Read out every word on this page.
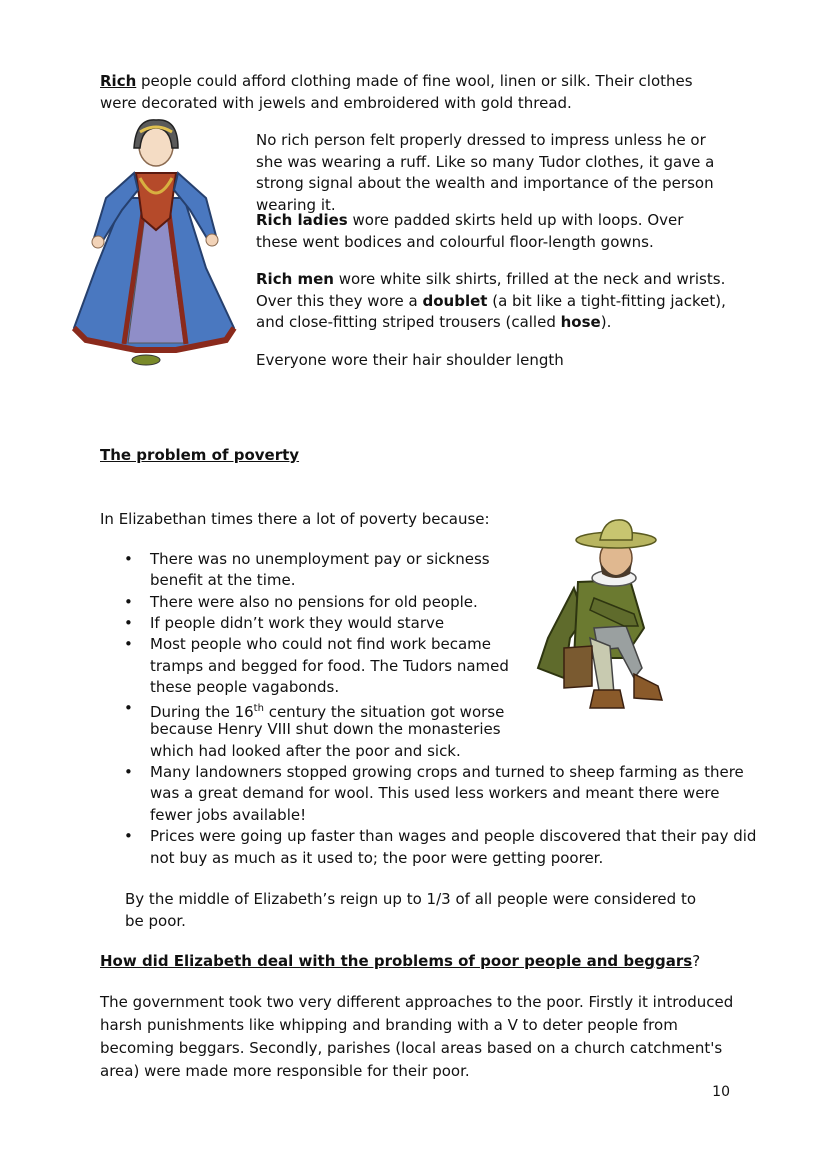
Rich people could afford clothing made of fine wool, linen or silk. Their clothes were decorated with jewels and embroidered with gold thread.

No rich person felt properly dressed to impress unless he or she was wearing a ruff. Like so many Tudor clothes, it gave a strong signal about the wealth and importance of the person wearing it.

Rich ladies wore padded skirts held up with loops. Over these went bodices and colourful floor-length gowns.

Rich men wore white silk shirts, frilled at the neck and wrists. Over this they wore a doublet (a bit like a tight-fitting jacket), and close-fitting striped trousers (called hose).

Everyone wore their hair shoulder length

The problem of poverty

In Elizabethan times there a lot of poverty because:

• There was no unemployment pay or sickness

benefit at the time.

• There were also no pensions for old people.

• If people didn’t work they would starve

• Most people who could not find work became

tramps and begged for food. The Tudors named

these people vagabonds.

• During the 16th century the situation got worse

because Henry VIII shut down the monasteries

which had looked after the poor and sick.

• Many landowners stopped growing crops and turned to sheep farming as there

was a great demand for wool. This used less workers and meant there were

fewer jobs available!

• Prices were going up faster than wages and people discovered that their pay did

not buy as much as it used to; the poor were getting poorer.

By the middle of Elizabeth’s reign up to 1/3 of all people were considered to be poor.

How did Elizabeth deal with the problems of poor people and beggars?

The government took two very different approaches to the poor. Firstly it introduced harsh punishments like whipping and branding with a V to deter people from becoming beggars. Secondly, parishes (local areas based on a church catchment's area) were made more responsible for their poor.

10
